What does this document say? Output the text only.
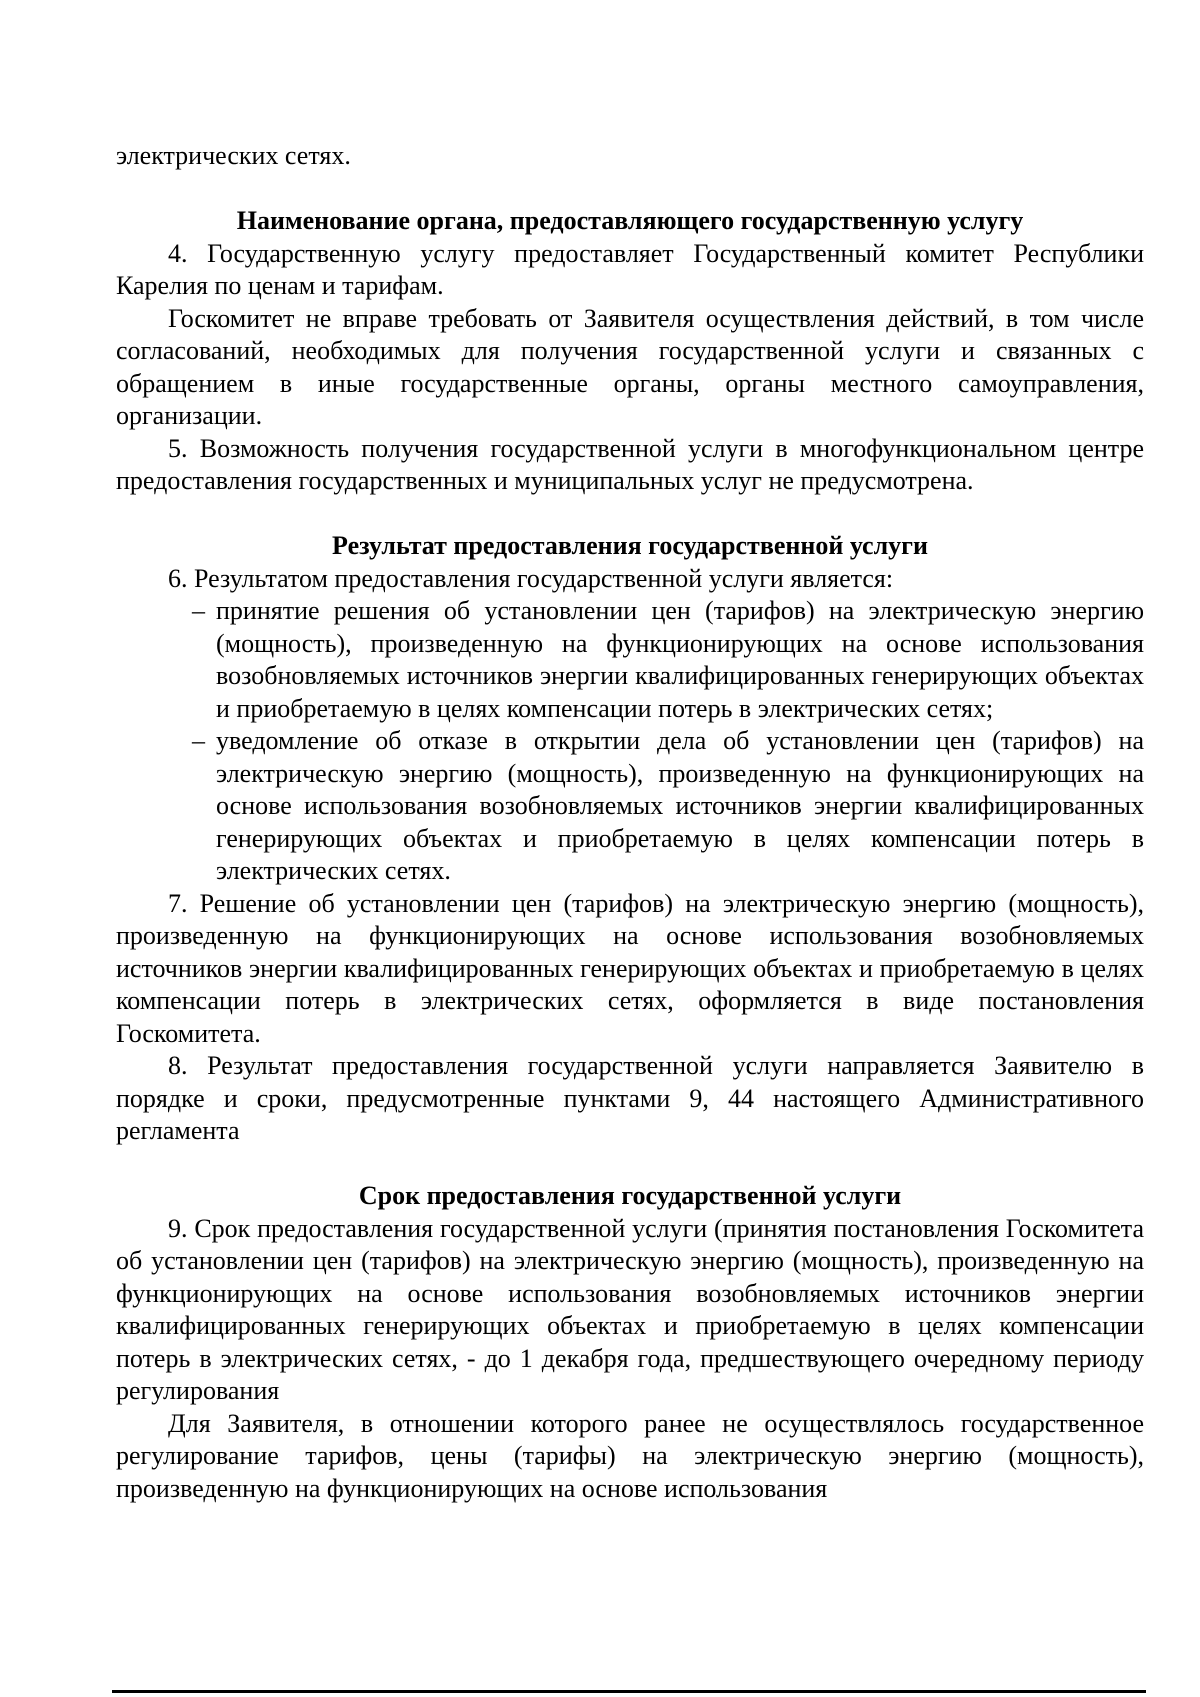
электрических сетях.

Наименование органа, предоставляющего государственную услугу

4. Государственную услугу предоставляет Государственный комитет Республики Карелия по ценам и тарифам.

Госкомитет не вправе требовать от Заявителя осуществления действий, в том числе согласований, необходимых для получения государственной услуги и связанных с обращением в иные государственные органы, органы местного самоуправления, организации.

5. Возможность получения государственной услуги в многофункциональном центре предоставления государственных и муниципальных услуг не предусмотрена.

Результат предоставления государственной услуги

6. Результатом предоставления государственной услуги является:

– принятие решения об установлении цен (тарифов) на электрическую энергию (мощность), произведенную на функционирующих на основе использования возобновляемых источников энергии квалифицированных генерирующих объектах и приобретаемую в целях компенсации потерь в электрических сетях;

– уведомление об отказе в открытии дела об установлении цен (тарифов) на электрическую энергию (мощность), произведенную на функционирующих на основе использования возобновляемых источников энергии квалифицированных генерирующих объектах и приобретаемую в целях компенсации потерь в электрических сетях.

7. Решение об установлении цен (тарифов) на электрическую энергию (мощность), произведенную на функционирующих на основе использования возобновляемых источников энергии квалифицированных генерирующих объектах и приобретаемую в целях компенсации потерь в электрических сетях, оформляется в виде постановления Госкомитета.

8. Результат предоставления государственной услуги направляется Заявителю в порядке и сроки, предусмотренные пунктами 9, 44 настоящего Административного регламента

Срок предоставления государственной услуги

9. Срок предоставления государственной услуги (принятия постановления Госкомитета об установлении цен (тарифов) на электрическую энергию (мощность), произведенную на функционирующих на основе использования возобновляемых источников энергии квалифицированных генерирующих объектах и приобретаемую в целях компенсации потерь в электрических сетях, - до 1 декабря года, предшествующего очередному периоду регулирования

Для Заявителя, в отношении которого ранее не осуществлялось государственное регулирование тарифов, цены (тарифы) на электрическую энергию (мощность), произведенную на функционирующих на основе использования
